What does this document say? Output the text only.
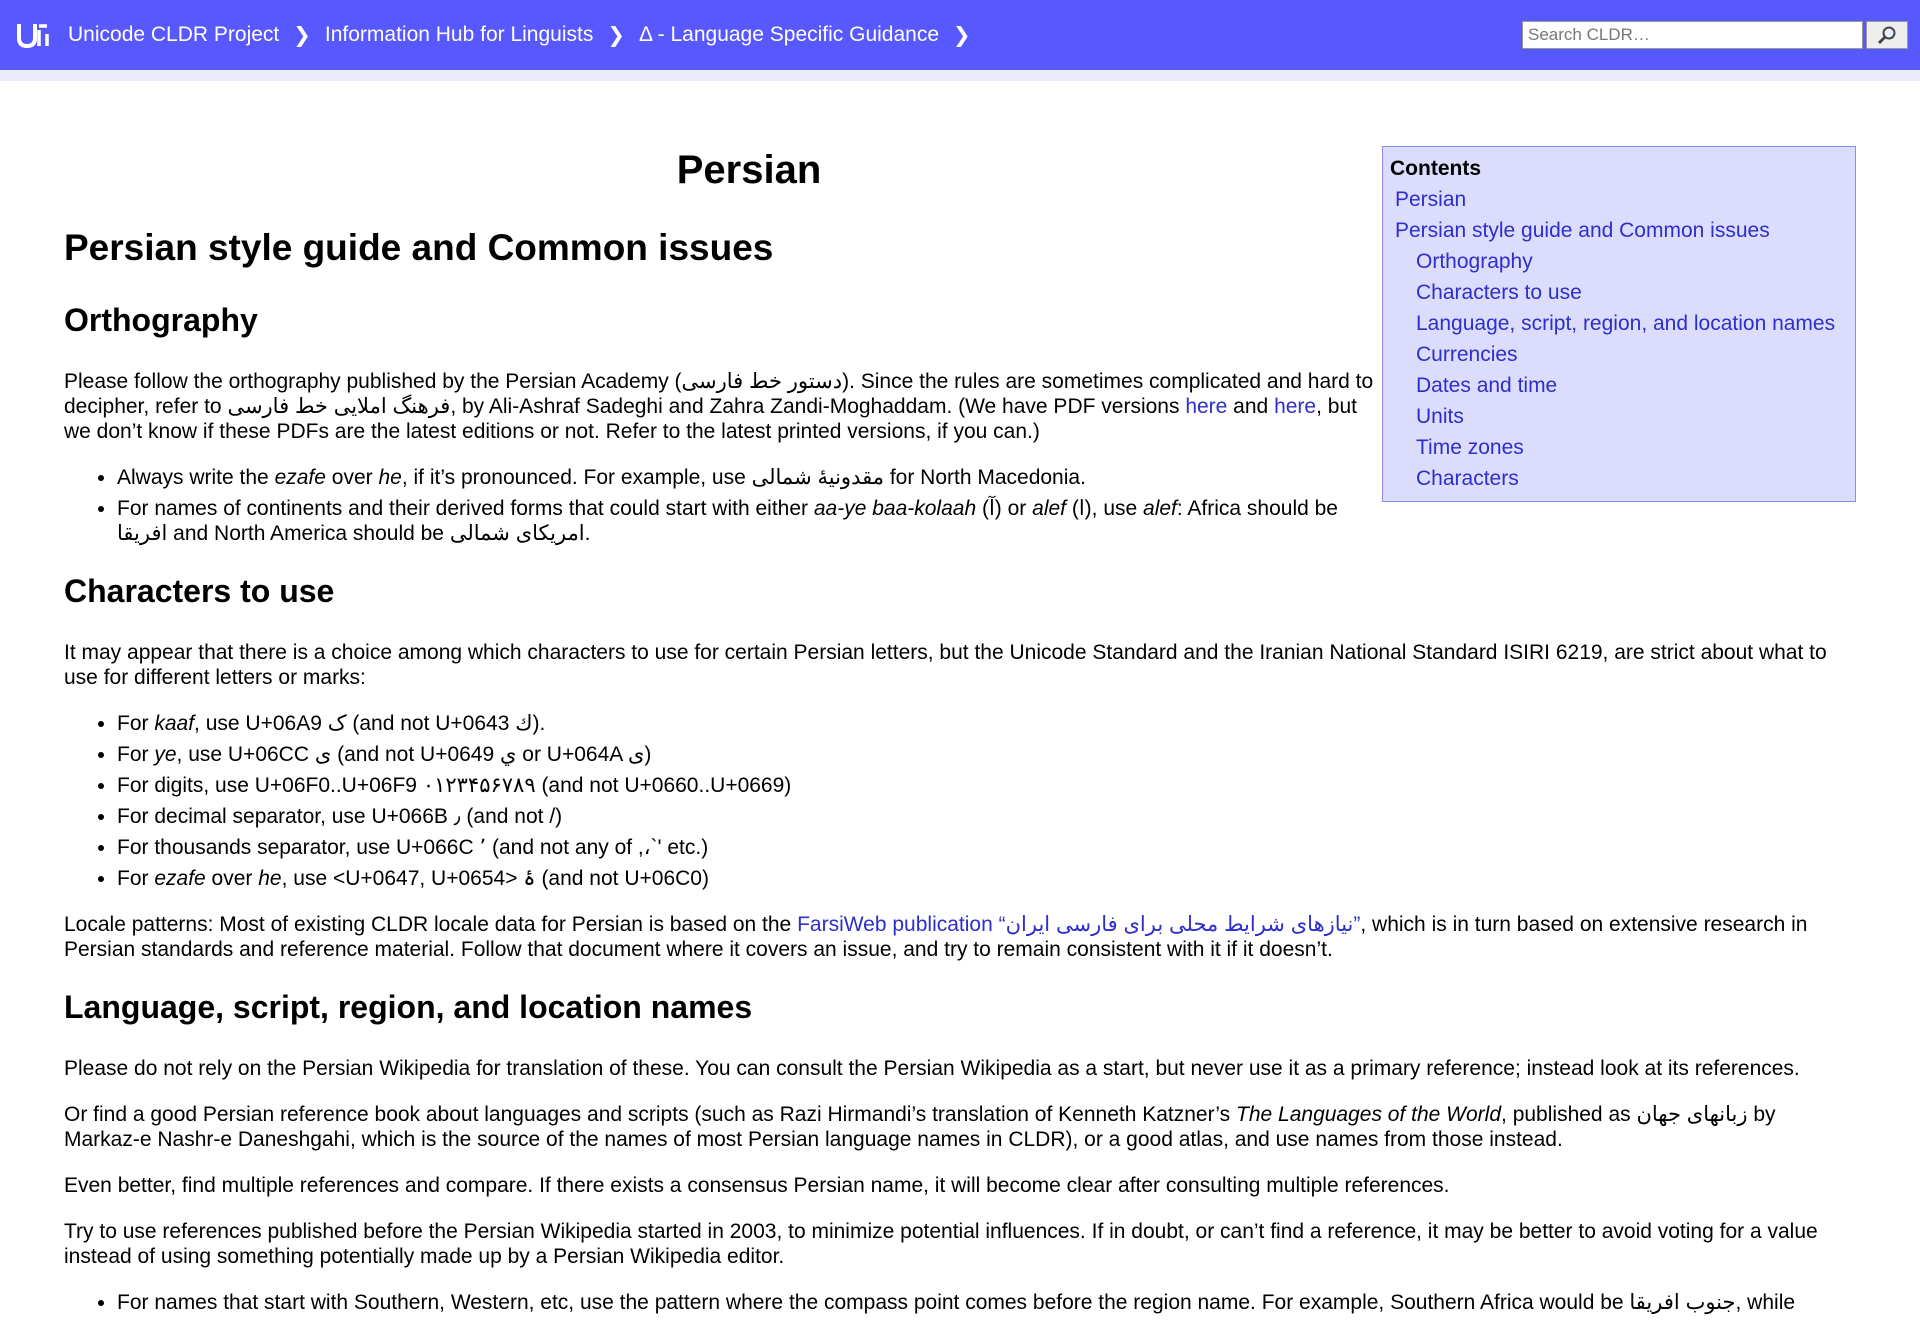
Unicode CLDR Project ❯ Information Hub for Linguists ❯ Δ - Language Specific Guidance ❯
Search CLDR…
Contents
Persian
Persian style guide and Common issues
Orthography
Characters to use
Language, script, region, and location names
Currencies
Dates and time
Units
Time zones
Characters
Persian
Persian style guide and Common issues
Orthography

Please follow the orthography published by the Persian Academy (دستور خط فارسی). Since the rules are sometimes complicated and hard to decipher, refer to فرهنگ املایی خط فارسی, by Ali-Ashraf Sadeghi and Zahra Zandi-Moghaddam. (We have PDF versions here and here, but we don’t know if these PDFs are the latest editions or not. Refer to the latest printed versions, if you can.)

• Always write the ezafe over he, if it’s pronounced. For example, use مقدونیهٔ شمالی for North Macedonia.
• For names of continents and their derived forms that could start with either aa-ye baa-kolaah (آ) or alef (ا), use alef: Africa should be افریقا and North America should be امریکای شمالی.
Characters to use

It may appear that there is a choice among which characters to use for certain Persian letters, but the Unicode Standard and the Iranian National Standard ISIRI 6219, are strict about what to use for different letters or marks:

• For kaaf, use U+06A9 ک (and not U+0643 ك).
• For ye, use U+06CC ی (and not U+0649 ي or U+064A ى)
• For digits, use U+06F0..U+06F9 ۰۱۲۳۴۵۶۷۸۹ (and not U+0660..U+0669)
• For decimal separator, use U+066B ٫ (and not /)
• For thousands separator, use U+066C ٬ (and not any of ,،`' etc.)
• For ezafe over he, use <U+0647, U+0654> ۀ (and not U+06C0)

Locale patterns: Most of existing CLDR locale data for Persian is based on the FarsiWeb publication “نیازهای شرایط محلی برای فارسی ایران”, which is in turn based on extensive research in Persian standards and reference material. Follow that document where it covers an issue, and try to remain consistent with it if it doesn’t.

Language, script, region, and location names

Please do not rely on the Persian Wikipedia for translation of these. You can consult the Persian Wikipedia as a start, but never use it as a primary reference; instead look at its references.

Or find a good Persian reference book about languages and scripts (such as Razi Hirmandi’s translation of Kenneth Katzner’s The Languages of the World, published as زبانهای جهان by Markaz-e Nashr-e Daneshgahi, which is the source of the names of most Persian language names in CLDR), or a good atlas, and use names from those instead.

Even better, find multiple references and compare. If there exists a consensus Persian name, it will become clear after consulting multiple references.

Try to use references published before the Persian Wikipedia started in 2003, to minimize potential influences. If in doubt, or can’t find a reference, it may be better to avoid voting for a value instead of using something potentially made up by a Persian Wikipedia editor.

• For names that start with Southern, Western, etc, use the pattern where the compass point comes before the region name. For example, Southern Africa would be جنوب افریقا, while
